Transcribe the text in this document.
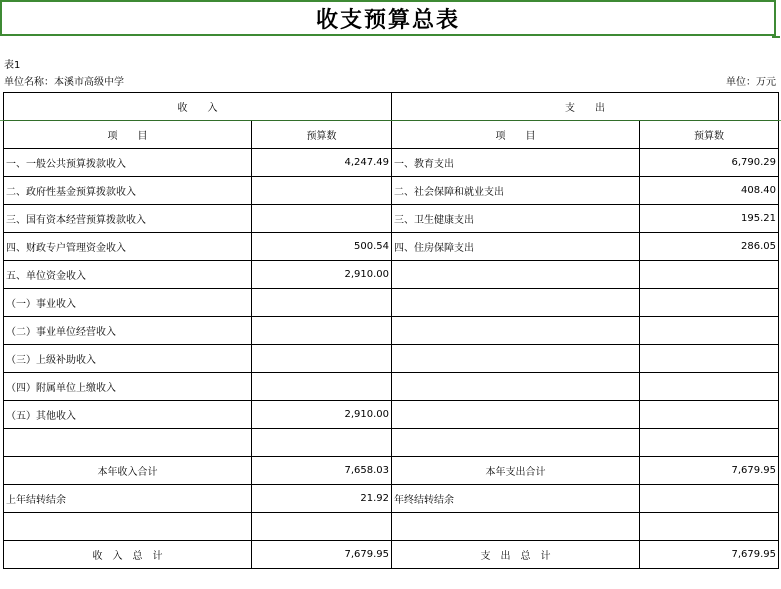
收支预算总表
表1
单位名称：本溪市高级中学	单位：万元
收　　入		支　　出	
项　　目	预算数	项　　目	预算数
一、一般公共预算拨款收入	4,247.49	一、教育支出	6,790.29
二、政府性基金预算拨款收入		二、社会保障和就业支出	408.40
三、国有资本经营预算拨款收入		三、卫生健康支出	195.21
四、财政专户管理资金收入	500.54	四、住房保障支出	286.05
五、单位资金收入	2,910.00		
（一）事业收入			
（二）事业单位经营收入			
（三）上级补助收入			
（四）附属单位上缴收入			
（五）其他收入	2,910.00		

本年收入合计	7,658.03	本年支出合计	7,679.95
上年结转结余	21.92	年终结转结余	

收　入　总　计	7,679.95	支　出　总　计	7,679.95
